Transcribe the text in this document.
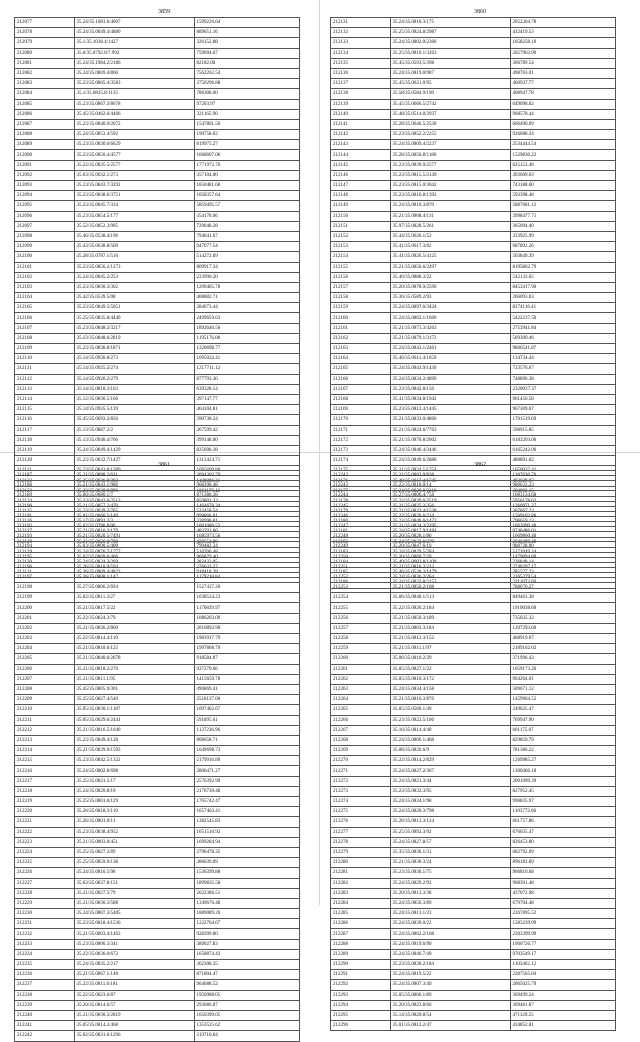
3859
212077	35.24/35.1083.6/4007	1599226.64
212078	35.24/35.0849.4/4880	889651.16
212079	35.1/35.1038.4/1427	326152.88
212080	35.0/35.0792.0/7.992	759694.67
212081	35.24/35.1984.2/2186	82182.00
212082	35.24/35.0869.4/866	7562262.54
212083	35.23/35.0865.4/3583	3750296.88
212084	35.1/35.0815.8/1135	786308.00
212085	35.23/35.0867.3/8678	97203.97
212086	35.45/35.0462.6/4466	321165.90
212087	35.23/35.0840.9/2672	1547801.56
212088	35.24/35.0853.4/592	199758.02
212089	35.23/35.0830.6/6629	819975.27
212090	35.23/35.0850.4/4577	1668607.06
212091	35.22/35.0835.5/2577	1771972.76
212092	35.63/35.0032.1/273	357104.00
212093	35.23/35.0843.7/3292	1850481.68
212094	35.23/35.0838.6/3751	1058357.64
212095	35.23/35.0845.7/334	5859495.57
212096	35.23/35.0854.5/177	354178.66
212097	35.52/35.0852.3/905	729048.28
212098	35.46/35.0538.4/196	794641.67
212099	35.43/35.0638.8/569	947077.54
212100	35.28/35.0787.1/516	514272.69
212101	35.23/35.0856.2/1273	809917.34
212102	35.24/35.0845.2/253	233990.20
212103	35.23/35.0830.3/302	1209465.78
212104	35.42/35.0539.5/08	408882.71
212105	35.23/35.0849.5/5051	284073.44
212106	35.25/35.0835.8/4440	2499659.63
212107	35.23/35.0848.2/3217	1892646.56
212108	35.23/35.0848.6/2819	1195176.08
212109	35.23/35.0838.8/1871	1320698.77
212110	35.14/35.0930.8/273	1095032.41
212111	35.14/35.0925.2/274	1217711.12
212112	35.14/35.0926.2/279	877793.30
212113	35.14/35.0818.3/163	639328.54
212114	35.12/35.0830.5/166	397147.77
212115	35.14/35.0935.5/139	464104.81
212116	35.45/35.0693.2/856	390738.24
212117	35.13/35.0887.2/2	367599.42
212118	35.13/35.0940.4/766	399148.00
212119	35.24/35.0849.4/1429	825698.38
212120	35.23/35.0832.7/1427	1313424.71
212121	35.23/35.0843.8/1389	1095699.80
212122	35.25/35.0836.0/302	1188086.31
212123	35.23/35.0838.9/896	1061170.42
212124	35.23/35.0842.6/2513	859803.33
212125	35.23/35.0839.3/765	532458.54
212126	35.17/35.0891.2/3	328998.81
212127	35.21/35.0810.3/179	483702.66
212128	35.21/35.0826.0/788	428554.80
212129	35.24/35.0876.7/1777	510706.48
212130	35.24/35.0824.3/269	382433.05
212131	35.26/35.0809.4/4823	918418.28
3860
212131	35.24/35.0810.3/175	2052264.78
212132	35.25/35.0824.8/2987	432419.53
212133	35.24/35.0802.0/2366	1058258.10
212134	35.25/35.0810.1/3263	2057963.90
212135	35.45/35.0593.5/398	366789.54
212136	35.24/35.0819.0/987	498763.01
212137	35.45/35.0621.0/95	460937.77
212138	35.58/35.0584.9/190	408947.78
212139	35.45/35.0666.5/2742	649098.02
212140	35.48/35.0514.0/2937	968578.44
212141	35.28/35.0640.5/2530	666490.09
212142	35.23/35.0852.2/2255	926088.34
212143	35.24/35.0809.4/2237	2534444.54
212144	35.28/35.0850.8/1180	1529830.22
212145	35.23/35.0839.9/2577	625153.48
212146	35.23/35.0815.5/2149	493609.03
212147	35.23/35.0815.0/3042	743188.60
212148	35.23/35.0816.8/1392	593398.48
212149	35.24/35.0810.3/870	5887681.12
212150	35.21/35.0808.4/131	3998477.71
212151	35.97/35.0828.5/261	365094.40
212152	35.44/35.0626.1/52	333925.99
212153	35.41/35.0617.3/82	687892.26
212154	35.41/35.0826.5/4125	503849.39
212155	35.21/35.0856.6/2497	8195862.79
212156	35.46/35.0888.3/22	542133.65
212157	35.20/35.0878.9/2590	8453417.90
212158	35.36/35.0589.2/93	266093.03
212159	35.24/35.0897.6/3424	8274116.41
212160	35.24/35.0863.1/1660	5422237.50
212161	35.21/35.0873.3/4263	2753941.84
212162	35.21/35.0879.1/3172	569309.46
212163	35.24/35.0843.1/2461	9800541.87
212164	35.46/35.0611.4/1659	134734.44
212165	35.24/35.0843.9/1430	723576.67
212166	35.24/35.0834.2/4899	748896.38
212167	35.23/35.0842.8/156	2320037.37
212168	35.41/35.0834.8/1942	961450.58
212169	35.23/35.0812.4/1445	967309.07
212170	35.21/35.0833.0/4866	1701519.69
212171	35.21/35.0824.6/7763	598915.85
212172	35.21/35.0870.8/2002	6183203.06
212173	35.24/35.0846.4/3446	6165242.06
212174	35.24/35.0849.6/2888	488891.02
212175	35.21/35.0824.5/1754	1650037.41
212176	35.48/35.0617.4/1745	483029.97
212177	35.24/35.0826.8/3218	384802.15
212178	35.22/35.0839.6/2519	5956178.62
212179	35.21/35.0823.4/1538	307667.23
212180	35.23/35.0846.6/1472	796659.13
212181	35.24/35.0817.9/1484	9746486.01
212182	35.24/35.0833.8/279	2040498.48
212183	35.24/35.0829.5/784	5172049.34
212184	35.40/35.0603.8/1109	226848.14
212185	35.46/35.0520.2/1479	285577.23
212186	35.24/35.0823.8/2153	2211072.69
3861
212187	35.21/35.0888.2/631	2094302.79
212188	35.21/35.0843.1/986	968398.48
212189	35.00/35.0080.1/7	871388.38
212190	35.21/35.0857.2/470	1464670.34
212191	35.01/35.0660.5/140	999866.01
212192	35.02/35.0786.8/06	1001080.53
212193	35.21/35.0820.5/7491	1685973.56
212194	35.03/35.0890.5/400	799482.34
212195	35.02/35.0869.6/466	906879.40
212196	35.26/35.0818.9/594	276633.27
212197	35.26/35.0808.1/147	1179218.84
212198	35.27/35.0806.2/694	1527437.20
212199	35.02/35.0811.3/27	1038524.23
212200	35.21/35.0817.5/22	1176839.97
212201	35.22/35.0824.3/79	1086203.09
212202	35.21/35.0836.2/860	2016893.90
212203	35.22/35.0814.4/110	1983917.79
212204	35.21/35.0818.6/125	1997868.79
212205	35.21/35.0840.6/2678	918584.87
212206	35.21/35.0818.2/270	937279.66
212207	35.21/35.0811.1/95	1415659.78
212208	35.45/35.0805.9/301	490869.41
212209	35.25/35.0827.4/540	2518137.00
212210	35.05/35.0830.1/1187	1097462.67
212211	35.05/35.0629.6/2441	591895.61
212212	35.21/35.0816.5/1640	1137236.96
212213	35.23/35.0849.4/128	868658.71
212214	35.21/35.0839.9/1593	1649698.73
212215	35.23/35.0842.5/1322	2179916.89
212216	35.24/35.0802.8/698	2806471.27
212217	35.25/35.0821.5/17	2576392.99
212218	35.24/35.0820.8/10	2176730.48
212219	35.25/35.0801.0/129	1765742.47
212220	35.26/35.0818.3/110	1657463.41
212221	35.26/35.0801.0/11	1382545.83
212222	35.23/35.0838.4/952	1651516.92
212223	35.21/35.0803.8/451	1699284.94
212224	35.25/35.0827.2/89	2796478.35
212225	35.25/35.0859.9/138	386639.09
212226	35.24/35.0816.5/98	1530399.88
212227	35.63/35.0837.8/151	1899835.58
212228	35.21/35.0827.5/79	2622386.51
212229	35.21/35.0830.3/588	1349676.48
212230	35.24/35.0807.3/5485	1889089.26
212231	35.23/35.0818.4/1536	1222764.67
212232	35.21/35.0803.4/1463	928399.80
212233	35.23/35.0806.3/341	389027.83
212234	35.22/35.0836.0/672	1658874.43
212235	35.24/35.0835.2/217	362308.35
212236	35.21/35.0867.1/148	871804.47
212237	35.22/35.0811.6/181	964688.52
212238	35.22/35.0823.6/87	1950988.05
212239	35.20/35.0814.6/57	293686.07
212240	35.21/35.0830.3/2819	1650399.05
212241	35.05/35.0814.2/468	1353525.62
212242	35.02/35.0831.6/1296	219710.64
3862
212242	35.21/35.0882.0/838	1307630.76
212243	35.22/35.0818.0/14	980632.23
212244	35.27/35.0806.4/758	1083134.68
212245	35.21/35.0825.3/356	1260971.27
212246	35.22/35.0826.6/224	1569102.86
212247	35.21/35.0834.3/2295	1662090.40
212248	35.20/35.0828.1/80	1669860.40
212249	35.20/35.0847.6/19	980728.00
212250	35.20/35.0860.7/29	1479094.89
212251	35.21/35.0810.2/213	2740397.17
212252	35.24/35.0836.2/264	2265279.54
212253	35.21/35.0850.2/108	788670.27
212254	35.06/35.0840.1/513	849463.38
212255	35.22/35.0820.2/184	1910038.60
212256	35.21/35.0850.3/189	735035.32
212257	35.21/35.0803.3/184	1207293.60
212258	35.21/35.0812.3/152	468919.67
212259	35.21/35.0811.1/97	2189162.02
212260	35.06/35.0810.2/29	371996.43
212261	35.05/35.0827.1/22	1059173.26
212262	35.05/35.0810.3/172	964264.01
212263	35.24/35.0834.4/158	589671.12
212264	35.21/35.0816.3/876	1459964.52
212265	35.05/35.0560.1/49	249625.47
212266	35.23/35.0822.5/106	769947.90
212267	35.16/35.0814.4/40	601175.07
212268	35.24/35.0806.1/468	829859.79
212269	35.08/35.0826.6/9	781386.22
212270	35.22/35.0814.2/829	1269985.27
212271	35.24/35.0837.2/367	1300466.18
212272	35.24/35.0821.3/44	2001099.39
212273	35.23/35.0832.3/95	827952.45
212274	35.24/35.0834.1/98	996835.97
212275	35.24/35.0820.3/798	1103772.66
212276	35.26/35.0813.3/124	661757.86
212277	35.25/35.0892.3/92	676635.47
212278	35.24/35.0827.8/57	826453.80
212279	35.35/35.0836.1/31	682792.09
212280	35.21/35.0830.3/24	896182.89
212281	35.23/35.0830.1/75	966810.68
212282	35.24/35.0829.2/92	968391.48
212283	35.20/35.0813.3/38	437072.98
212284	35.24/35.0856.3/89	679704.48
212285	35.24/35.0813.1/23	2267895.52
212286	35.24/35.0839.0/22	1583239.99
212287	35.24/35.0862.2/168	2303399.99
212288	35.24/35.0819.6/90	1960726.77
212289	35.24/35.0846.7/49	9703549.17
212290	35.23/35.0830.2/184	1103462.12
212291	35.24/35.0819.5/22	2207565.04
212292	35.24/35.0807.3/49	2065025.79
212293	35.05/35.0806.1/89	369499.24
212294	35.20/35.0823.8/66	369481.87
212295	35.14/35.0820.8/54	471129.25
212296	35.01/35.0812.2/47	434852.81
